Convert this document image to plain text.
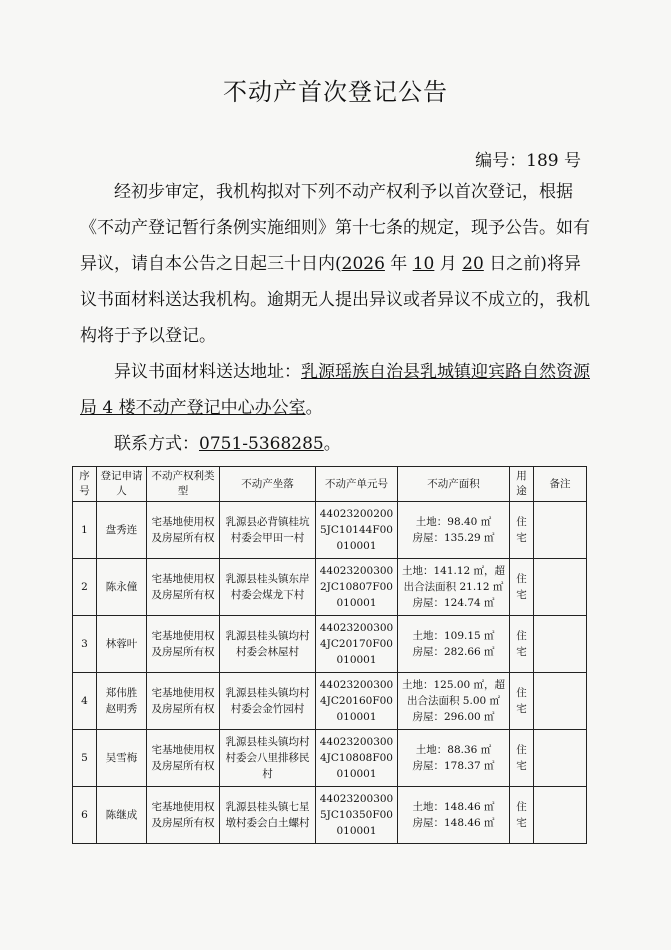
不动产首次登记公告
编号：189 号
经初步审定，我机构拟对下列不动产权利予以首次登记，根据《不动产登记暂行条例实施细则》第十七条的规定，现予公告。如有异议，请自本公告之日起三十日内(2026 年 10 月 20 日之前)将异议书面材料送达我机构。逾期无人提出异议或者异议不成立的，我机构将于予以登记。
异议书面材料送达地址：乳源瑶族自治县乳城镇迎宾路自然资源局 4 楼不动产登记中心办公室。
联系方式：0751-5368285。
序号	登记申请人	不动产权利类型	不动产坐落	不动产单元号	不动产面积	用途	备注
1	盘秀连	宅基地使用权及房屋所有权	乳源县必背镇桂坑村委会甲田一村	440232002005JC10144F00010001	土地：98.40 ㎡
房屋：135.29 ㎡	住宅	
2	陈永僮	宅基地使用权及房屋所有权	乳源县桂头镇东岸村委会煤龙下村	440232003002JC10807F00010001	土地：141.12 ㎡，超出合法面积 21.12 ㎡
房屋：124.74 ㎡	住宅	
3	林蓉叶	宅基地使用权及房屋所有权	乳源县桂头镇均村村委会林屋村	440232003004JC20170F00010001	土地：109.15 ㎡
房屋：282.66 ㎡	住宅	
4	郑伟胜
赵明秀	宅基地使用权及房屋所有权	乳源县桂头镇均村村委会金竹园村	440232003004JC20160F00010001	土地：125.00 ㎡，超出合法面积 5.00 ㎡
房屋：296.00 ㎡	住宅	
5	吴雪梅	宅基地使用权及房屋所有权	乳源县桂头镇均村村委会八里排移民村	440232003004JC10808F00010001	土地：88.36 ㎡
房屋：178.37 ㎡	住宅	
6	陈继成	宅基地使用权及房屋所有权	乳源县桂头镇七星墩村委会白土螺村	440232003005JC10350F00010001	土地：148.46 ㎡
房屋：148.46 ㎡	住宅	
